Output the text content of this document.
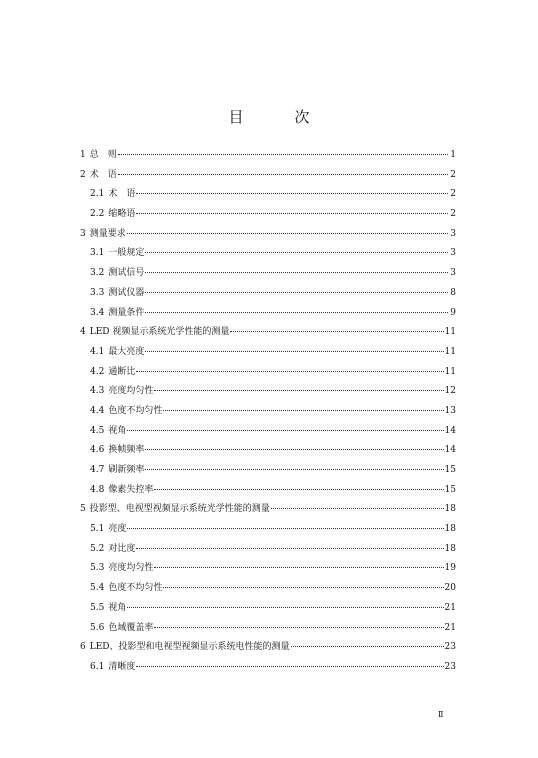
目　次
1 总　则	1
2 术　语	2
2.1 术　语	2
2.2 缩略语	2
3 测量要求	3
3.1 一般规定	3
3.2 测试信号	3
3.3 测试仪器	8
3.4 测量条件	9
4 LED 视频显示系统光学性能的测量	11
4.1 最大亮度	11
4.2 通断比	11
4.3 亮度均匀性	12
4.4 色度不均匀性	13
4.5 视角	14
4.6 换帧频率	14
4.7 刷新频率	15
4.8 像素失控率	15
5 投影型、电视型视频显示系统光学性能的测量	18
5.1 亮度	18
5.2 对比度	18
5.3 亮度均匀性	19
5.4 色度不均匀性	20
5.5 视角	21
5.6 色域覆盖率	21
6 LED、投影型和电视型视频显示系统电性能的测量	23
6.1 清晰度	23
Ⅱ
